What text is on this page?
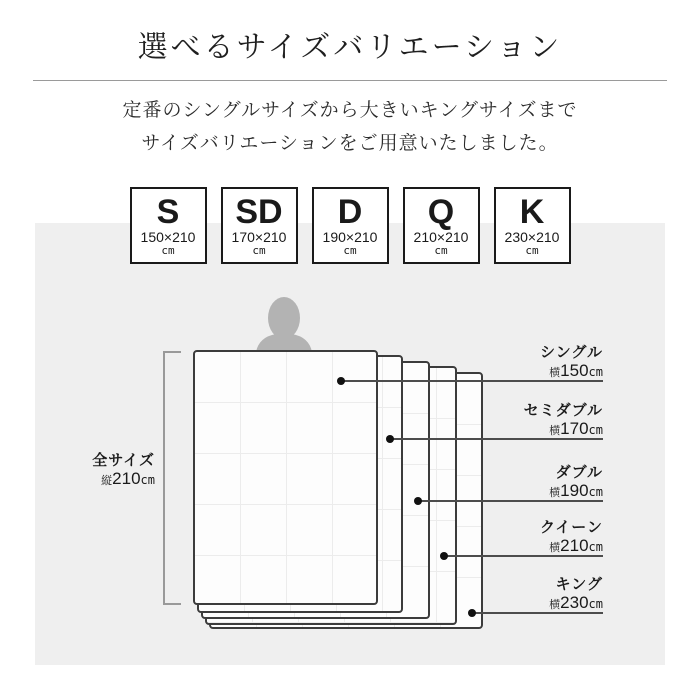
選べるサイズバリエーション
定番のシングルサイズから大きいキングサイズまで
サイズバリエーションをご用意いたしました。
S
150×210
cm
SD
170×210
cm
D
190×210
cm
Q
210×210
cm
K
230×210
cm
全サイズ
縦210cm
シングル
横150cm
セミダブル
横170cm
ダブル
横190cm
クイーン
横210cm
キング
横230cm
